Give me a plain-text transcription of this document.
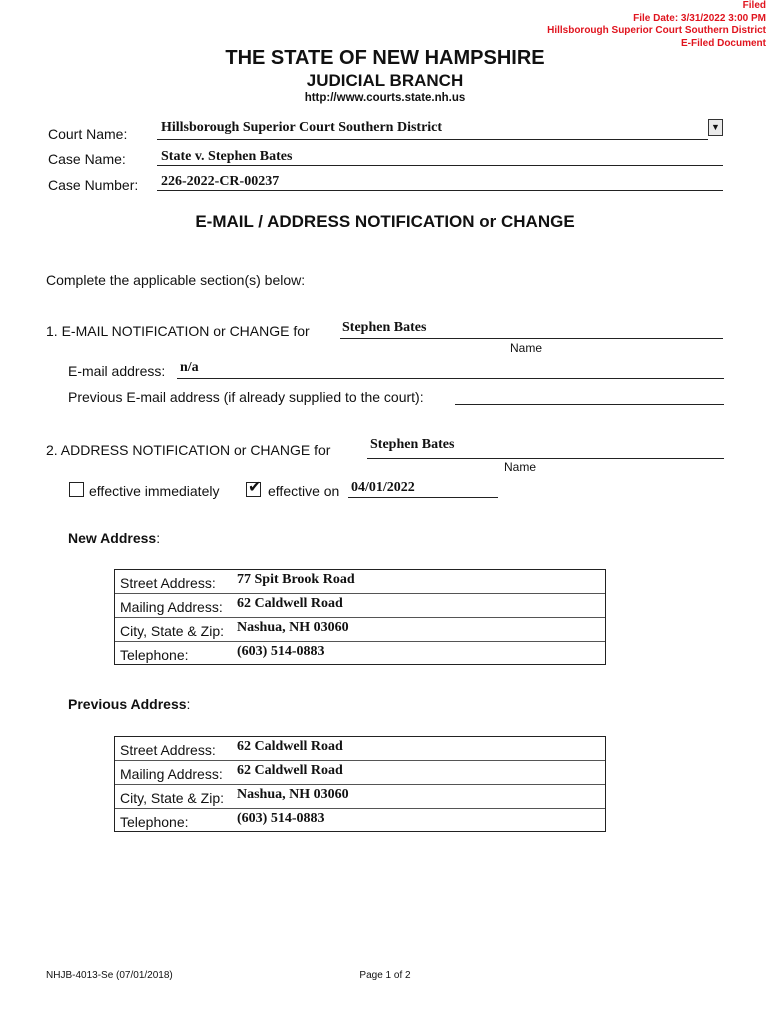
Filed
File Date: 3/31/2022 3:00 PM
Hillsborough Superior Court Southern District
E-Filed Document
THE STATE OF NEW HAMPSHIRE
JUDICIAL BRANCH
http://www.courts.state.nh.us
Court Name: Hillsborough Superior Court Southern District	▼
Case Name:	State v. Stephen Bates
Case Number: 226-2022-CR-00237
E-MAIL / ADDRESS NOTIFICATION or CHANGE
Complete the applicable section(s) below:
1. E-MAIL NOTIFICATION or CHANGE for Stephen Bates
Name
E-mail address: n/a
Previous E-mail address (if already supplied to the court):
2. ADDRESS NOTIFICATION or CHANGE for	Stephen Bates
Name
effective immediately ✔ effective on 04/01/2022
New Address:
Street Address: 77 Spit Brook Road
Mailing Address: 62 Caldwell Road
City, State & Zip: Nashua, NH 03060
Telephone:	(603) 514-0883
Previous Address:
Street Address: 62 Caldwell Road
Mailing Address: 62 Caldwell Road
City, State & Zip: Nashua, NH 03060
Telephone:	(603) 514-0883
NHJB-4013-Se (07/01/2018)	Page 1 of 2
